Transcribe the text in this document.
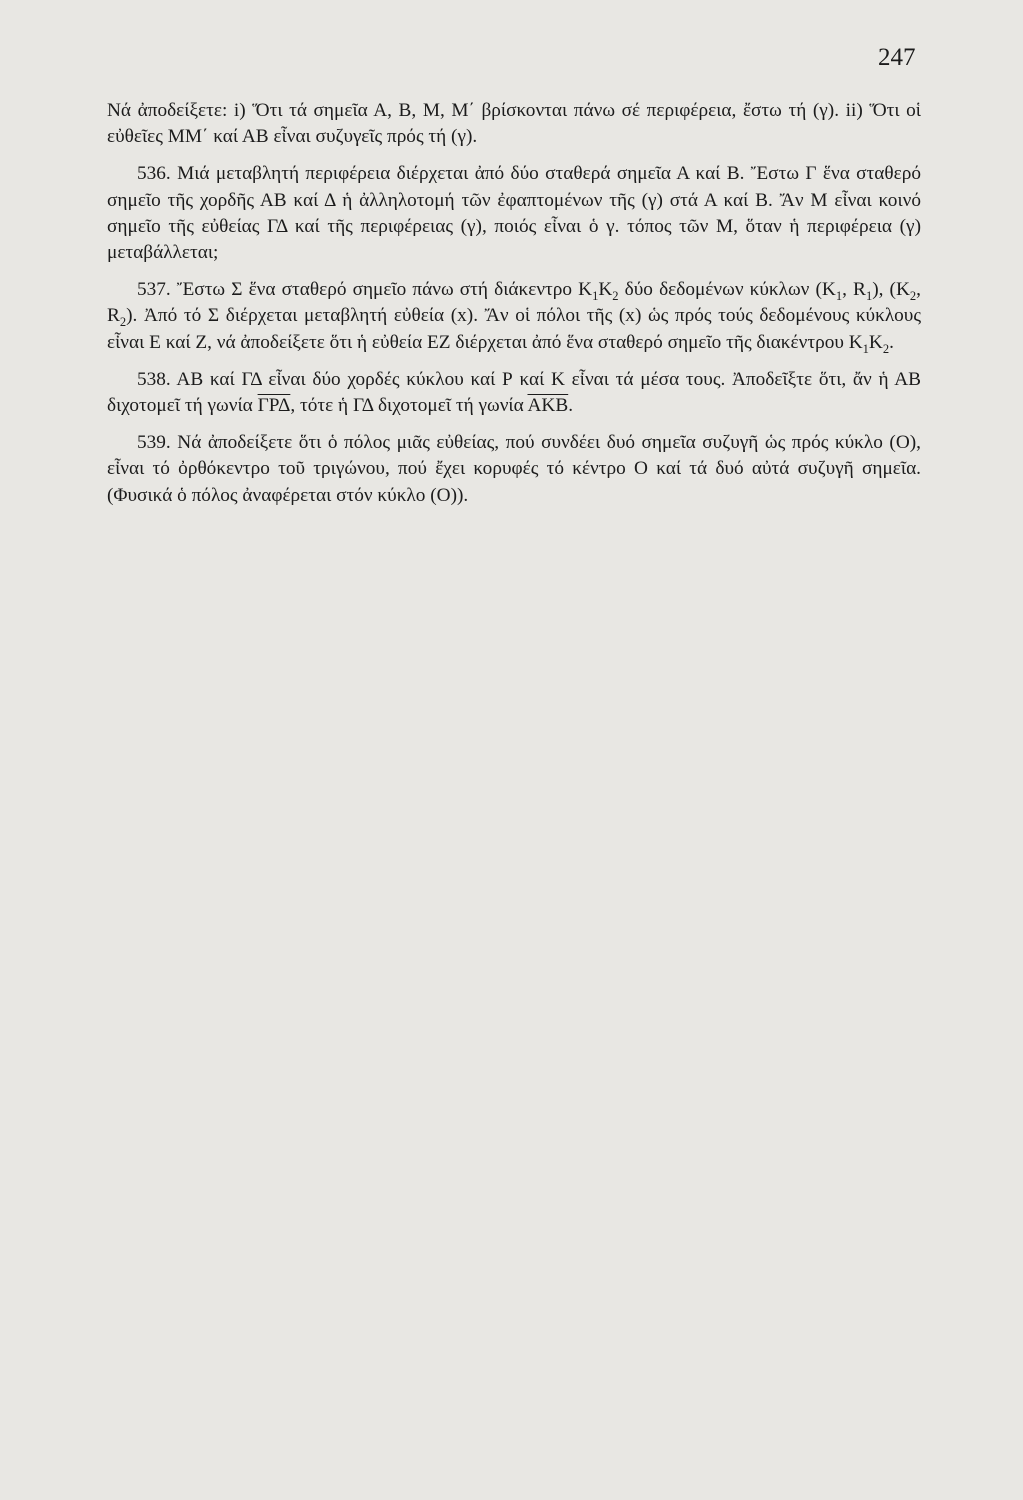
247

Νά ἀποδείξετε: i) Ὅτι τά σημεῖα Α, Β, Μ, Μ΄ βρίσκονται πάνω σέ περιφέρεια, ἔστω τή (γ). ii) Ὅτι οἱ εὐθεῖες ΜΜ΄ καί ΑΒ εἶναι συζυγεῖς πρός τή (γ).

536. Μιά μεταβλητή περιφέρεια διέρχεται ἀπό δύο σταθερά σημεῖα Α καί Β. Ἔστω Γ ἕνα σταθερό σημεῖο τῆς χορδῆς ΑΒ καί Δ ἡ ἀλληλοτομή τῶν ἐφαπτομένων τῆς (γ) στά Α καί Β. Ἄν Μ εἶναι κοινό σημεῖο τῆς εὐθείας ΓΔ καί τῆς περιφέρειας (γ), ποιός εἶναι ὁ γ. τόπος τῶν Μ, ὅταν ἡ περιφέρεια (γ) μεταβάλλεται;

537. Ἔστω Σ ἕνα σταθερό σημεῖο πάνω στή διάκεντρο $K_1K_2$ δύο δεδομένων κύκλων ($K_1$, $R_1$), ($K_2$, $R_2$). Ἀπό τό Σ διέρχεται μεταβλητή εὐθεία (x). Ἄν οἱ πόλοι τῆς (x) ὡς πρός τούς δεδομένους κύκλους εἶναι Ε καί Ζ, νά ἀποδείξετε ὅτι ἡ εὐθεία ΕΖ διέρχεται ἀπό ἕνα σταθερό σημεῖο τῆς διακέντρου $K_1K_2$.

538. ΑΒ καί ΓΔ εἶναι δύο χορδές κύκλου καί Ρ καί Κ εἶναι τά μέσα τους. Ἀποδεῖξτε ὅτι, ἄν ἡ ΑΒ διχοτομεῖ τή γωνία $\overline{\Gamma P\Delta}$, τότε ἡ ΓΔ διχοτομεῖ τή γωνία $\overline{AKB}$.

539. Νά ἀποδείξετε ὅτι ὁ πόλος μιᾶς εὐθείας, πού συνδέει δυό σημεῖα συζυγῆ ὡς πρός κύκλο (Ο), εἶναι τό ὀρθόκεντρο τοῦ τριγώνου, πού ἔχει κορυφές τό κέντρο Ο καί τά δυό αὐτά συζυγῆ σημεῖα. (Φυσικά ὁ πόλος ἀναφέρεται στόν κύκλο (Ο)).
